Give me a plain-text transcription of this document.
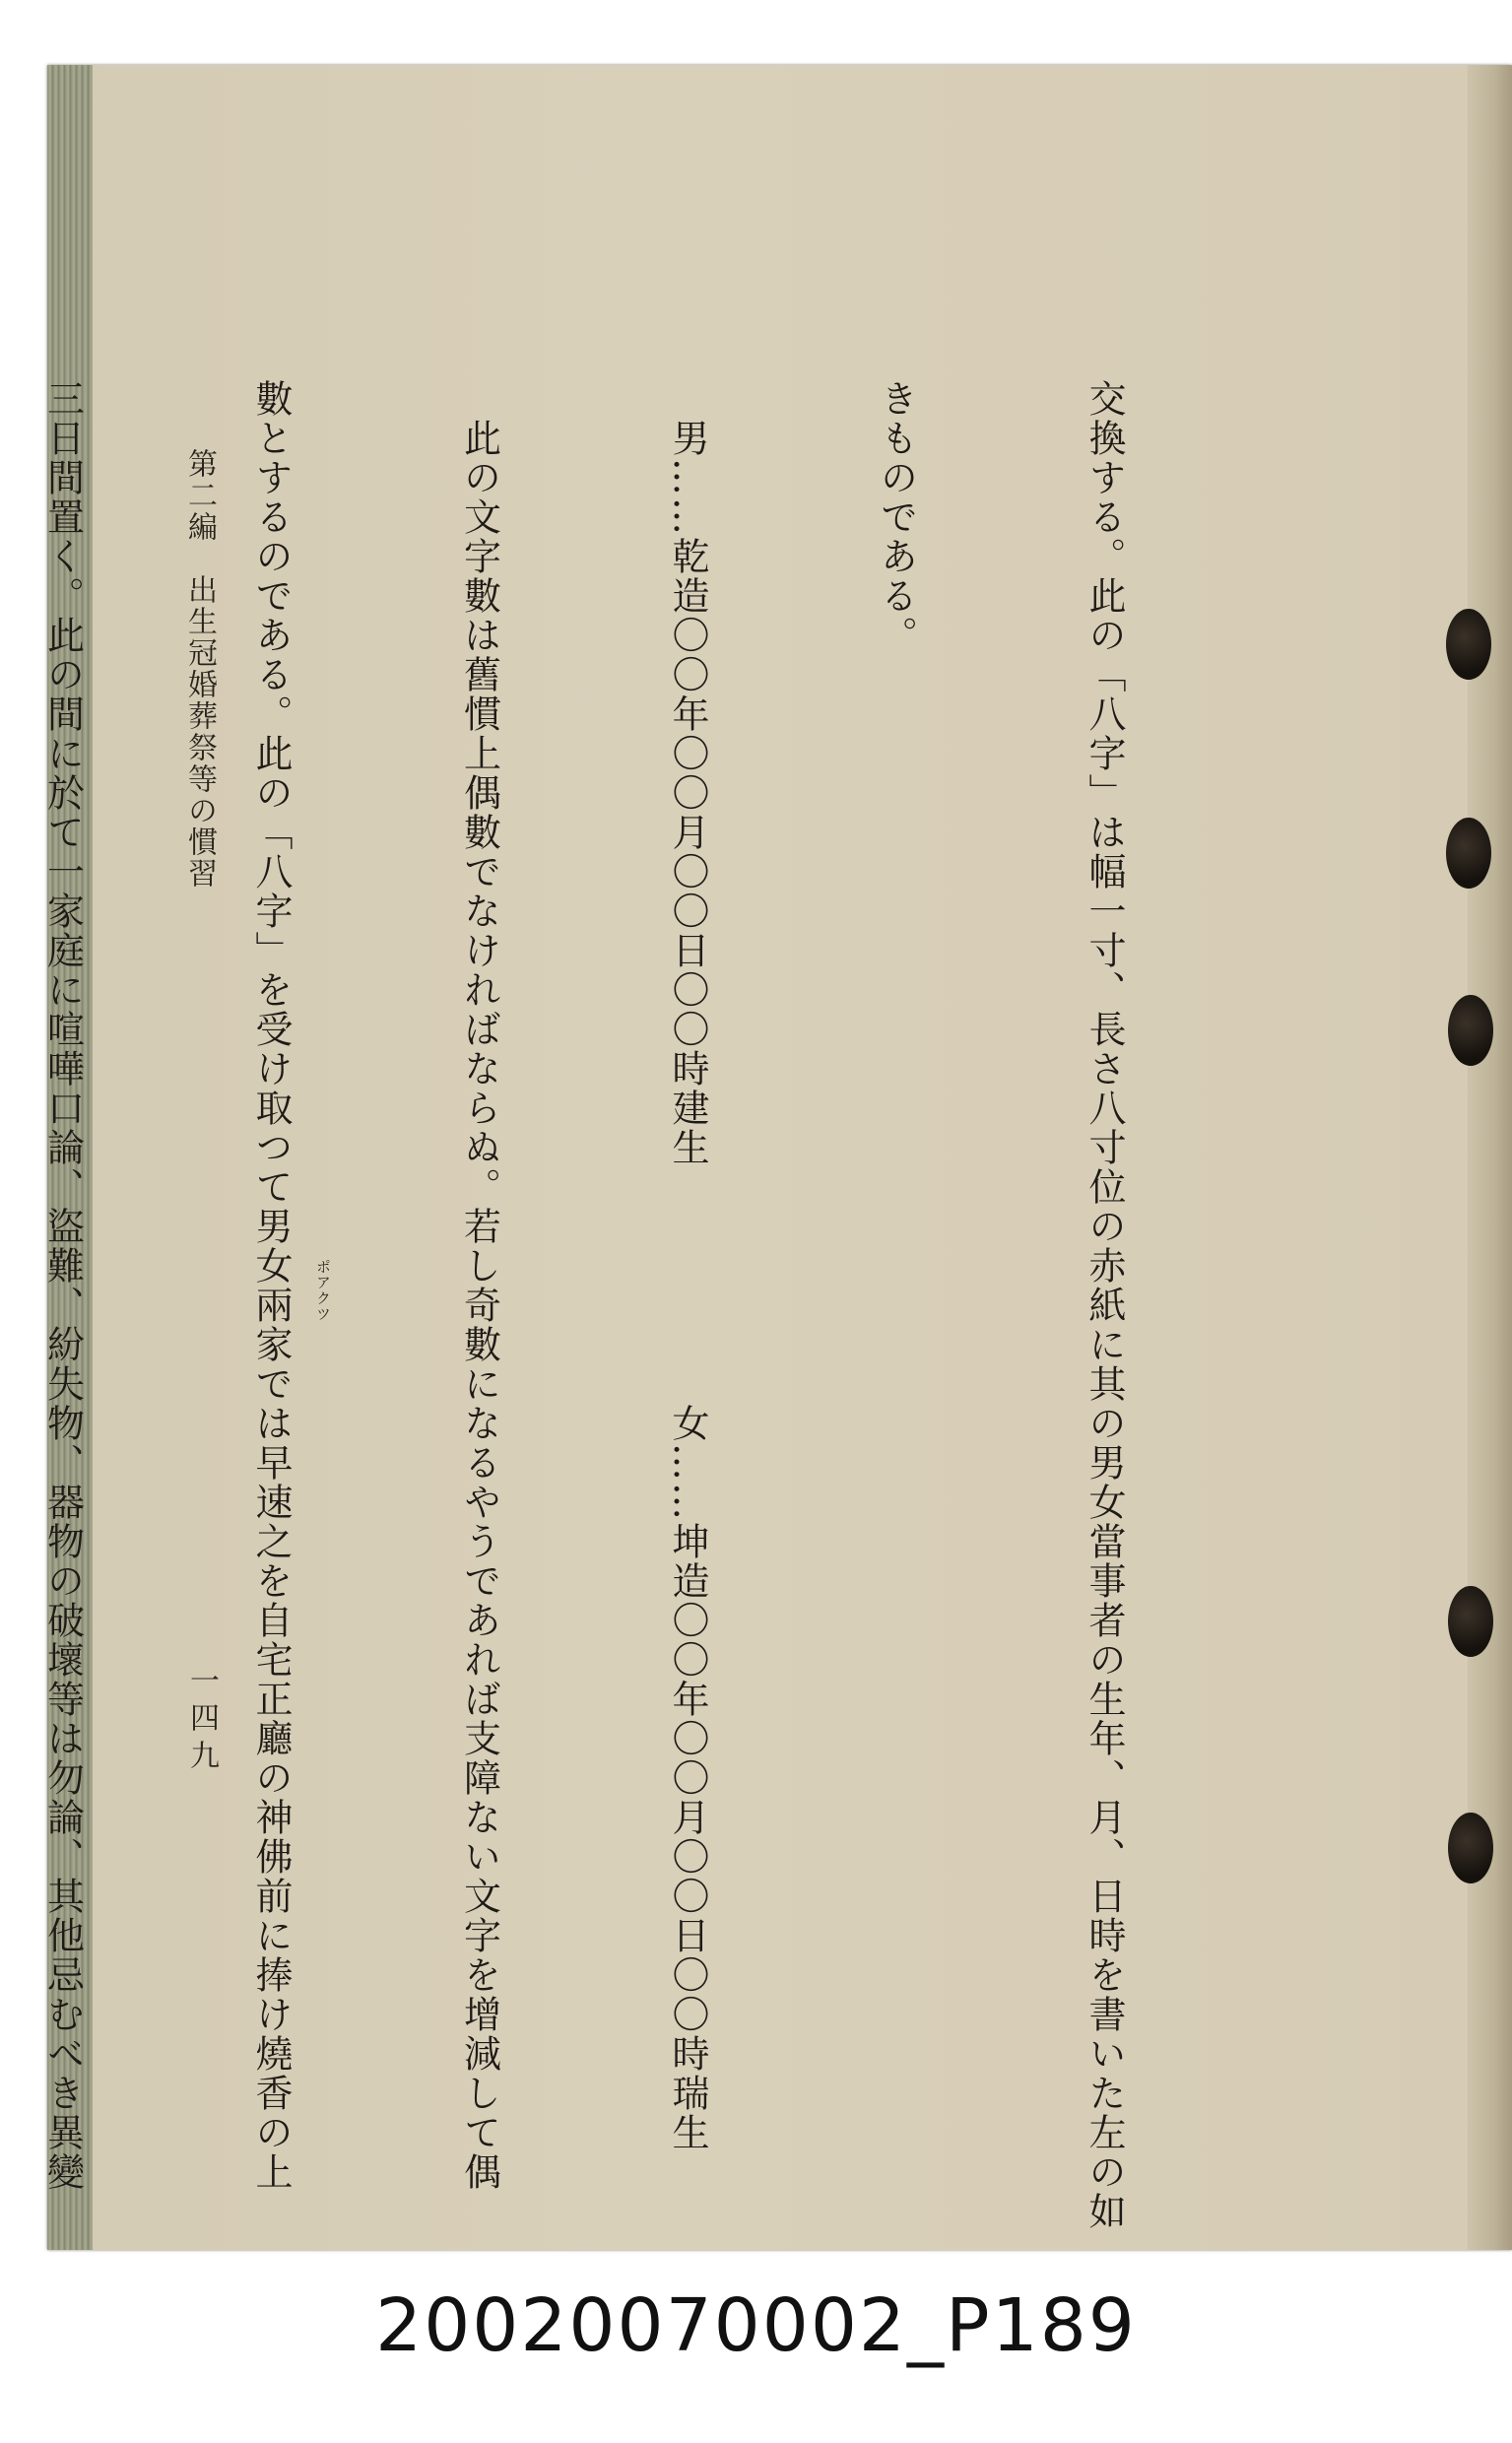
交換する。此の「八字」は幅一寸、長さ八寸位の赤紙に其の男女當事者の生年、月、日時を書いた左の如

きものである。

　男……乾造〇〇年〇〇月〇〇日〇〇時建生　　　　　　女……坤造〇〇年〇〇月〇〇日〇〇時瑞生

　此の文字數は舊慣上偶數でなければならぬ。若し奇數になるやうであれば支障ない文字を增減して偶

數とするのである。此の「八字」を受け取つて男女兩家では早速之を自宅正廳の神佛前に捧け燒香の上

三日間置く。此の間に於て一家庭に喧嘩口論、盜難、紛失物、器物の破壞等は勿論、其他忌むべき異變

	ポアクツ
第二編　出生冠婚葬祭等の慣習
一四九
20020070002_P189
